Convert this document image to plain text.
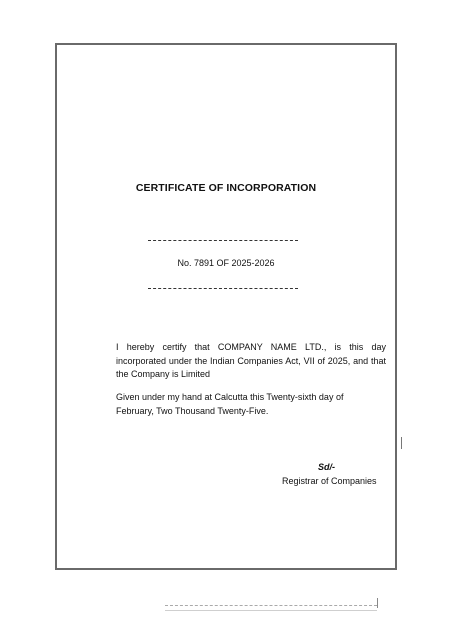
CERTIFICATE OF INCORPORATION
No. 7891 OF 2025-2026
I hereby certify that COMPANY NAME LTD., is this day incorporated under the Indian Companies Act, VII of 2025, and that the Company is Limited
Given under my hand at Calcutta this Twenty-sixth day of
February, Two Thousand Twenty-Five.
Sd/-
Registrar of Companies
